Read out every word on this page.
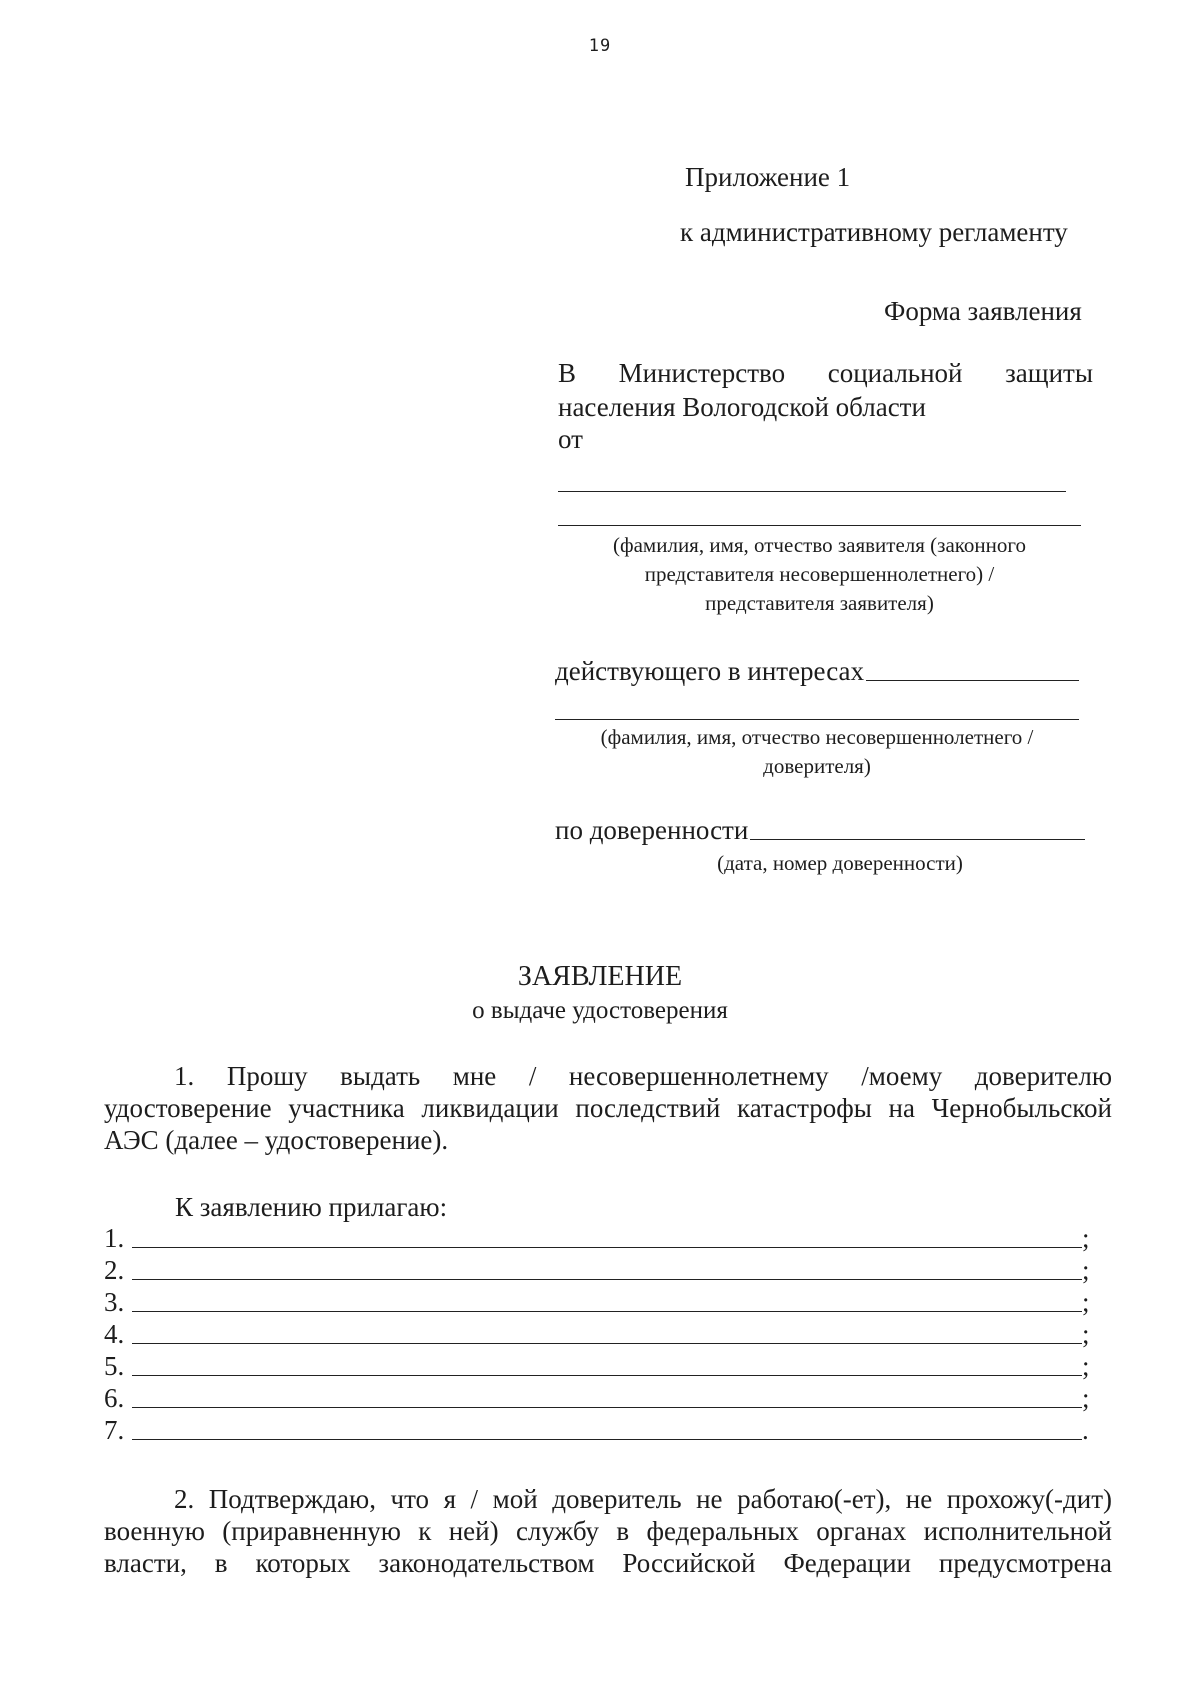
19
Приложение 1
к административному регламенту
Форма заявления
В Министерство социальной защиты
населения Вологодской области
от
(фамилия, имя, отчество заявителя (законного
представителя несовершеннолетнего) /
представителя заявителя)
действующего в интересах
(фамилия, имя, отчество несовершеннолетнего /
доверителя)
по доверенности
(дата, номер доверенности)
ЗАЯВЛЕНИЕ
о выдаче удостоверения
1. Прошу выдать мне / несовершеннолетнему /моему доверителю
удостоверение участника ликвидации последствий катастрофы на Чернобыльской
АЭС (далее – удостоверение).
К заявлению прилагаю:
1.	;
2.	;
3.	;
4.	;
5.	;
6.	;
7.	.
2. Подтверждаю, что я / мой доверитель не работаю(-ет), не прохожу(-дит)
военную (приравненную к ней) службу в федеральных органах исполнительной
власти, в которых законодательством Российской Федерации предусмотрена
